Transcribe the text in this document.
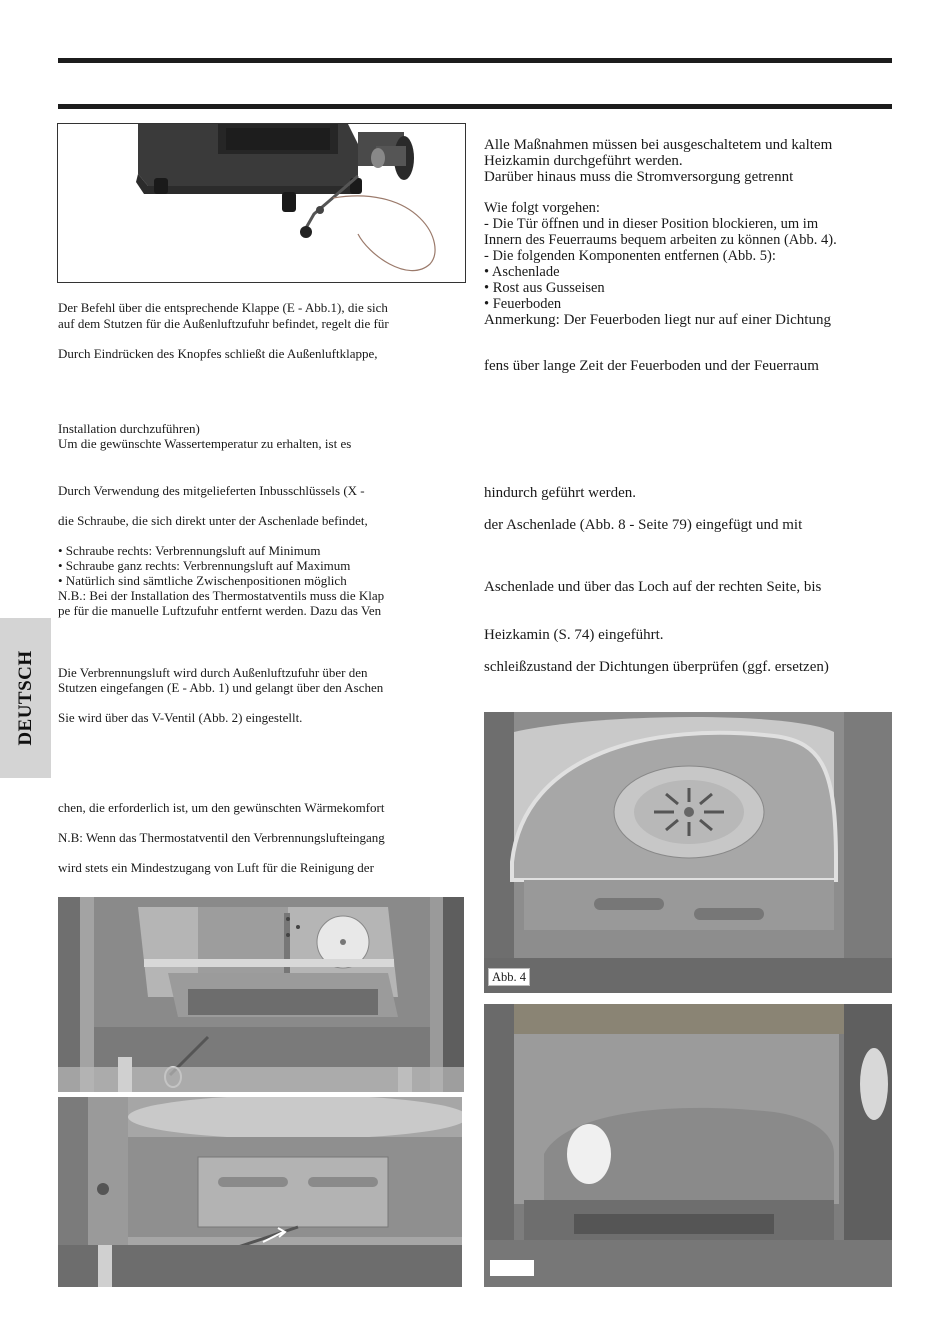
DEUTSCH
Der Befehl über die entsprechende Klappe (E - Abb.1), die sich
auf dem Stutzen für die Außenluftzufuhr befindet, regelt die für
Durch Eindrücken des Knopfes schließt die Außenluftklappe,
Installation durchzuführen)
Um die gewünschte Wassertemperatur zu erhalten, ist es
Durch Verwendung des mitgelieferten Inbusschlüssels (X -
die Schraube, die sich direkt unter der Aschenlade befindet,
• Schraube rechts: Verbrennungsluft auf Minimum
• Schraube ganz rechts: Verbrennungsluft auf Maximum
• Natürlich sind sämtliche Zwischenpositionen möglich
N.B.: Bei der Installation des Thermostatventils muss die Klap
pe für die manuelle Luftzufuhr entfernt werden. Dazu das Ven
Die Verbrennungsluft wird durch Außenluftzufuhr über den
Stutzen eingefangen (E - Abb. 1) und gelangt über den Aschen
Sie wird über das V-Ventil (Abb. 2) eingestellt.
chen, die erforderlich ist, um den gewünschten Wärmekomfort
N.B: Wenn das Thermostatventil den Verbrennungslufteingang
wird stets ein Mindestzugang von Luft für die Reinigung der
Alle Maßnahmen müssen bei ausgeschaltetem und kaltem
Heizkamin durchgeführt werden.
Darüber hinaus muss die Stromversorgung getrennt
Wie folgt vorgehen:
- Die Tür öffnen und in dieser Position blockieren, um im
Innern des Feuerraums bequem arbeiten zu können (Abb. 4).
- Die folgenden Komponenten entfernen (Abb. 5):
• Aschenlade
• Rost aus Gusseisen
• Feuerboden
Anmerkung: Der Feuerboden liegt nur auf einer Dichtung
fens über lange Zeit der Feuerboden und der Feuerraum
hindurch geführt werden.
der Aschenlade (Abb. 8 - Seite 79) eingefügt und mit
Aschenlade und über das Loch auf der rechten Seite, bis
Heizkamin (S. 74) eingeführt.
schleißzustand der Dichtungen überprüfen (ggf. ersetzen)
Abb. 4
